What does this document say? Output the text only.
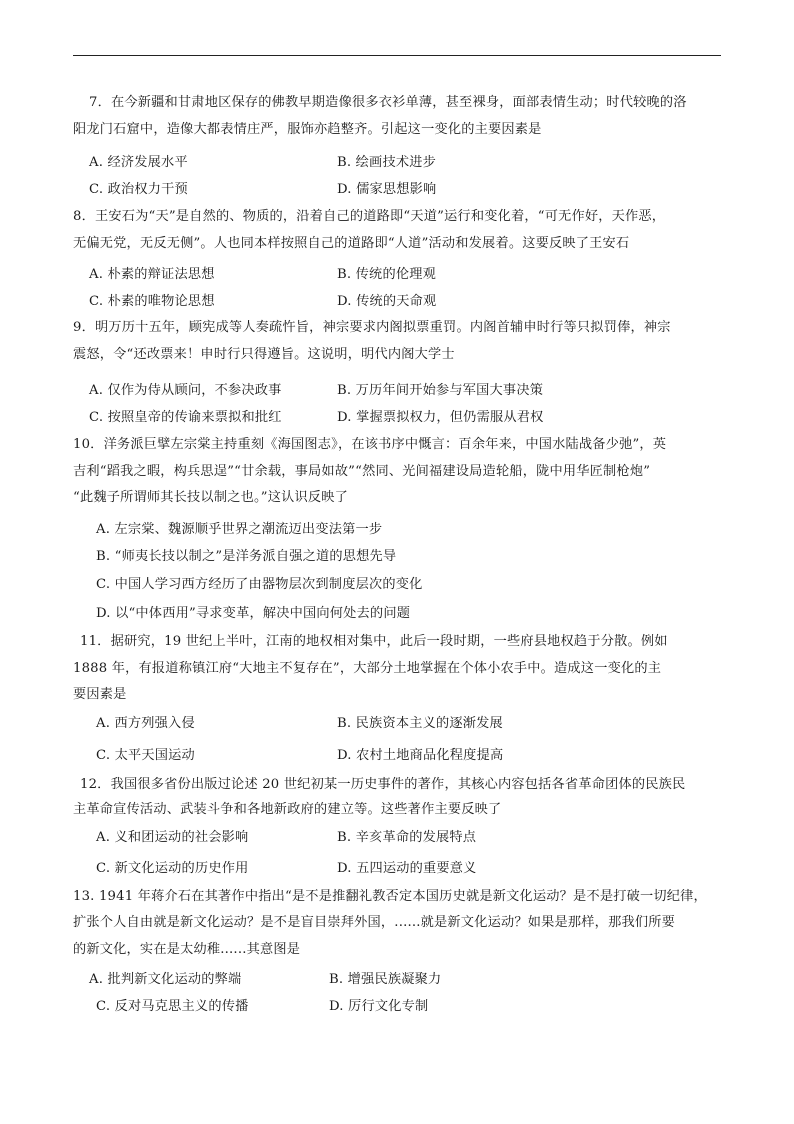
7．在今新疆和甘肃地区保存的佛教早期造像很多衣衫单薄，甚至裸身，面部表情生动；时代较晚的洛
阳龙门石窟中，造像大都表情庄严，服饰亦趋整齐。引起这一变化的主要因素是
A. 经济发展水平	B. 绘画技术进步
C. 政治权力干预	D. 儒家思想影响
8．王安石为“天”是自然的、物质的，沿着自己的道路即“天道”运行和变化着，“可无作好，天作恶，
无偏无党，无反无侧”。人也同本样按照自己的道路即“人道”活动和发展着。这要反映了王安石
A. 朴素的辩证法思想	B. 传统的伦理观
C. 朴素的唯物论思想	D. 传统的天命观
9．明万历十五年，顾宪成等人奏疏忤旨，神宗要求内阁拟票重罚。内阁首辅申时行等只拟罚俸，神宗
震怒，令“还改票来！申时行只得遵旨。这说明，明代内阁大学士
A. 仅作为侍从顾问，不参决政事	B. 万历年间开始参与军国大事决策
C. 按照皇帝的传谕来票拟和批红	D. 掌握票拟权力，但仍需服从君权
10．洋务派巨擘左宗棠主持重刻《海国图志》，在该书序中慨言：百余年来，中国水陆战备少弛”，英
吉利“蹈我之暇，构兵思逞”“廿余载，事局如故”“然同、光间福建设局造轮船，陇中用华匠制枪炮”
“此魏子所谓师其长技以制之也。”这认识反映了
A. 左宗棠、魏源顺乎世界之潮流迈出变法第一步
B. “师夷长技以制之”是洋务派自强之道的思想先导
C. 中国人学习西方经历了由器物层次到制度层次的变化
D. 以“中体西用”寻求变革，解决中国向何处去的问题
11．据研究，19 世纪上半叶，江南的地权相对集中，此后一段时期，一些府县地权趋于分散。例如
1888 年，有报道称镇江府“大地主不复存在”，大部分土地掌握在个体小农手中。造成这一变化的主
要因素是
A. 西方列强入侵	B. 民族资本主义的逐渐发展
C. 太平天国运动	D. 农村土地商品化程度提高
12．我国很多省份出版过论述 20 世纪初某一历史事件的著作，其核心内容包括各省革命团体的民族民
主革命宣传活动、武装斗争和各地新政府的建立等。这些著作主要反映了
A. 义和团运动的社会影响	B. 辛亥革命的发展特点
C. 新文化运动的历史作用	D. 五四运动的重要意义
13. 1941 年蒋介石在其著作中指出“是不是推翻礼教否定本国历史就是新文化运动？是不是打破一切纪律，
扩张个人自由就是新文化运动？是不是盲目崇拜外国，......就是新文化运动？如果是那样，那我们所要
的新文化，实在是太幼稚......其意图是
A. 批判新文化运动的弊端	B. 增强民族凝聚力
C. 反对马克思主义的传播	D. 厉行文化专制
